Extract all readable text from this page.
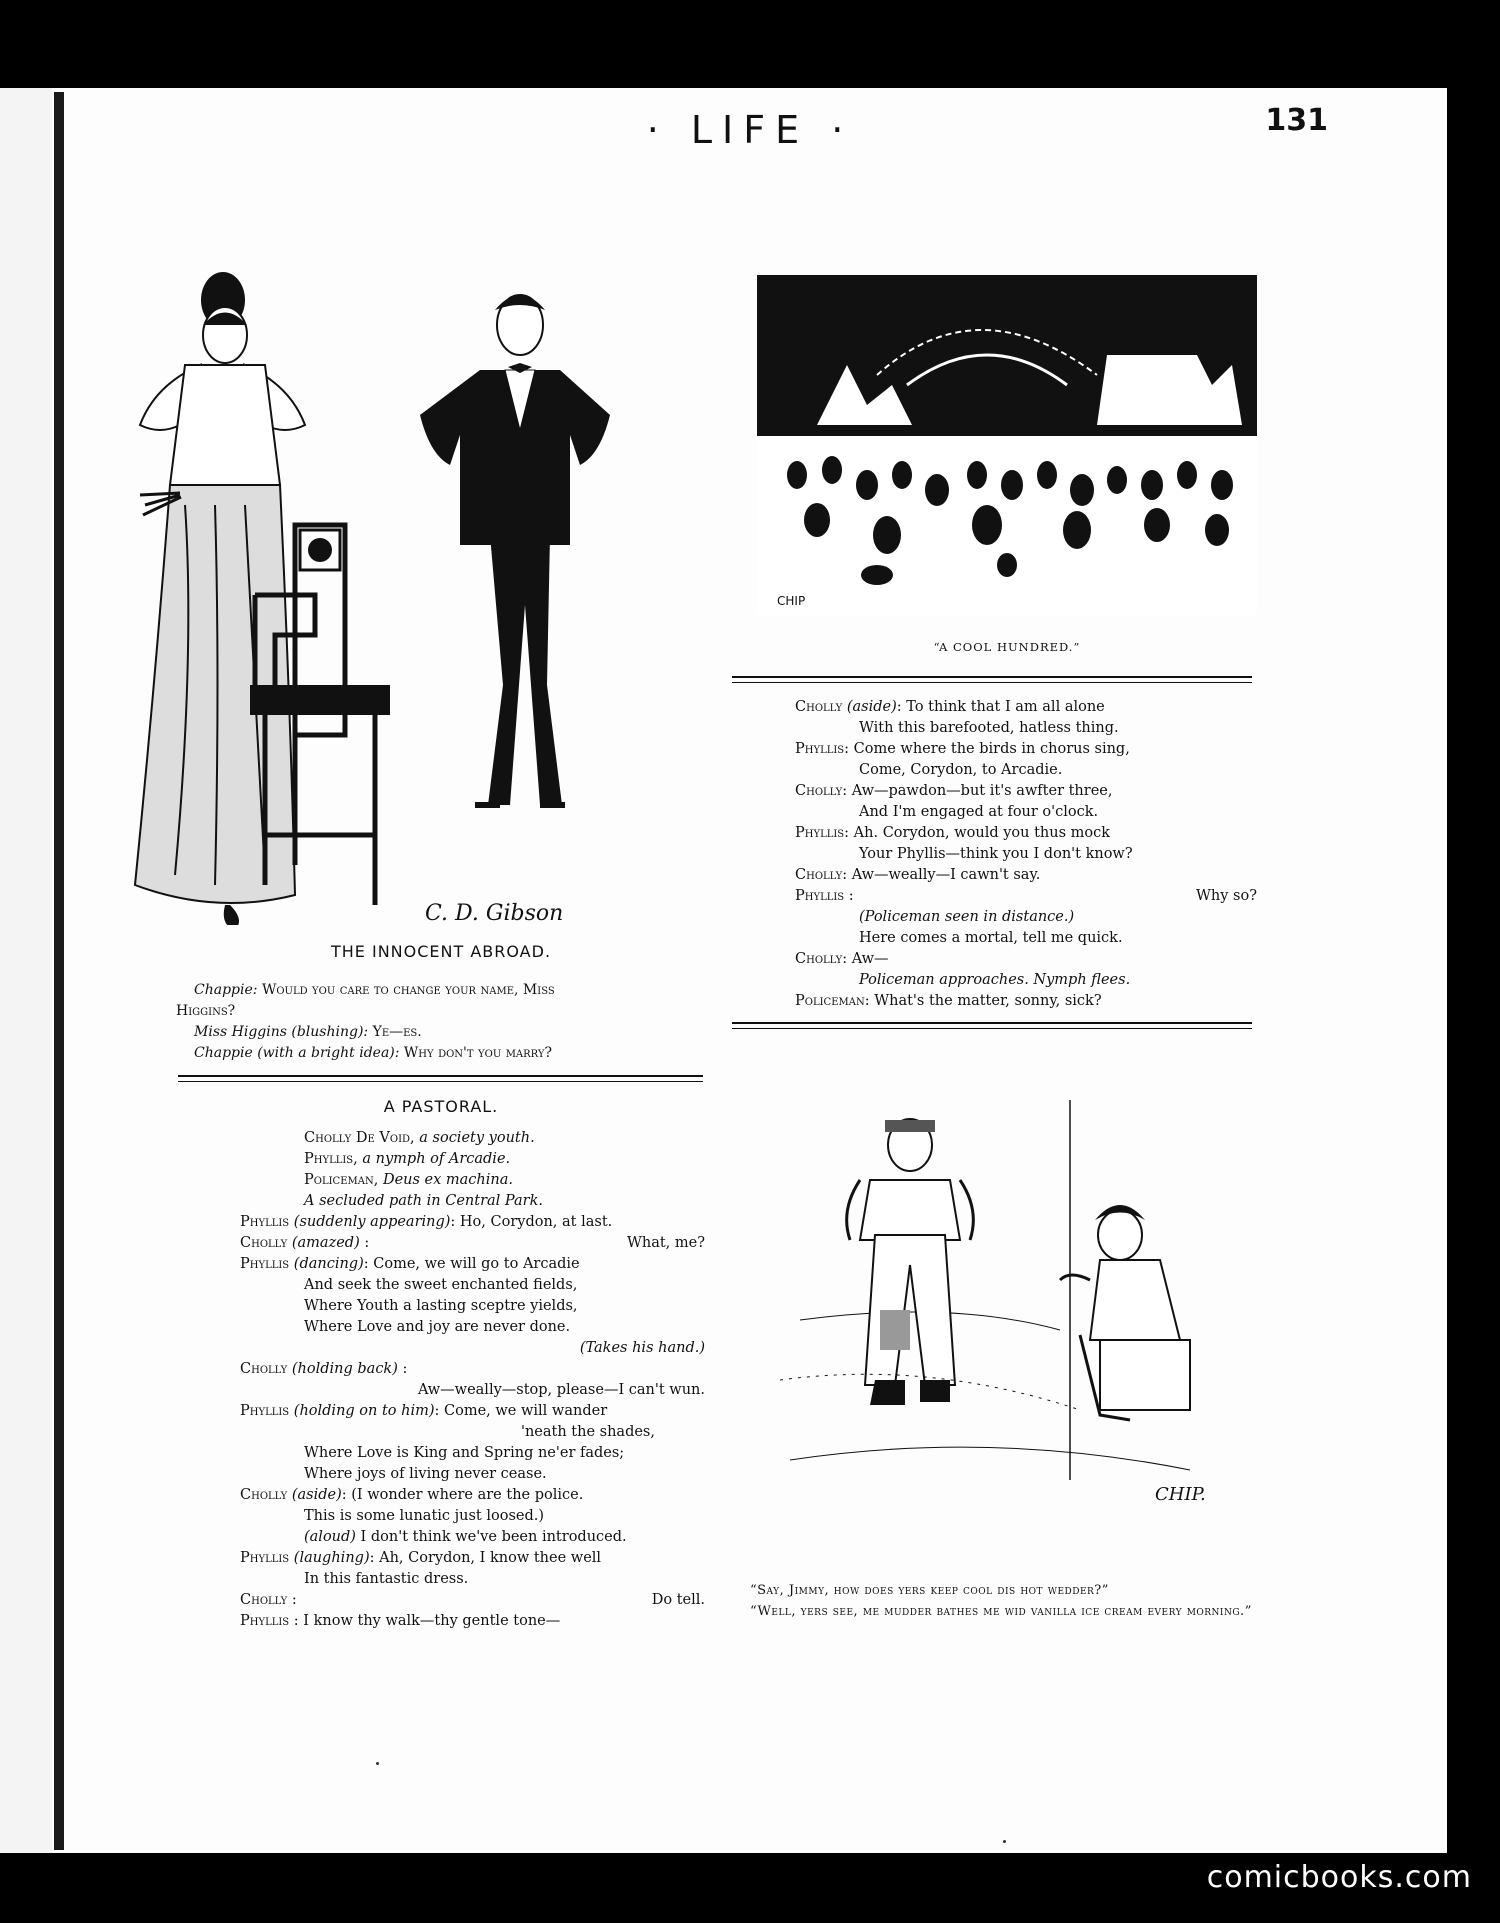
· LIFE ·	131
C. D. Gibson
CHIP
“A COOL HUNDRED.”
CHIP.
THE INNOCENT ABROAD.

Chappie: Would you care to change your name, Miss

Higgins?

Miss Higgins (blushing): Ye—es.

Chappie (with a bright idea): Why don't you marry?

A PASTORAL.
Cholly De Void, a society youth.
Phyllis, a nymph of Arcadie.
Policeman, Deus ex machina.
A secluded path in Central Park.
Phyllis (suddenly appearing): Ho, Corydon, at last.
Cholly (amazed) :	What, me?
Phyllis (dancing): Come, we will go to Arcadie
And seek the sweet enchanted fields,
Where Youth a lasting sceptre yields,
Where Love and joy are never done.
(Takes his hand.)
Cholly (holding back) :
Aw—weally—stop, please—I can't wun.
Phyllis (holding on to him): Come, we will wander
'neath the shades,
Where Love is King and Spring ne'er fades;
Where joys of living never cease.
Cholly (aside): (I wonder where are the police.
This is some lunatic just loosed.)
(aloud) I don't think we've been introduced.
Phyllis (laughing): Ah, Corydon, I know thee well
In this fantastic dress.
Cholly :	Do tell.
Phyllis : I know thy walk—thy gentle tone—
Cholly (aside): To think that I am all alone
With this barefooted, hatless thing.
Phyllis: Come where the birds in chorus sing,
Come, Corydon, to Arcadie.
Cholly: Aw—pawdon—but it's awfter three,
And I'm engaged at four o'clock.
Phyllis: Ah. Corydon, would you thus mock
Your Phyllis—think you I don't know?
Cholly: Aw—weally—I cawn't say.
Phyllis :	Why so?
(Policeman seen in distance.)
Here comes a mortal, tell me quick.
Cholly: Aw—
Policeman approaches. Nymph flees.
Policeman: What's the matter, sonny, sick?

“Say, Jimmy, how does yers keep cool dis hot wedder?”

“Well, yers see, me mudder bathes me wid vanilla ice cream every morning.”

comicbooks.com
